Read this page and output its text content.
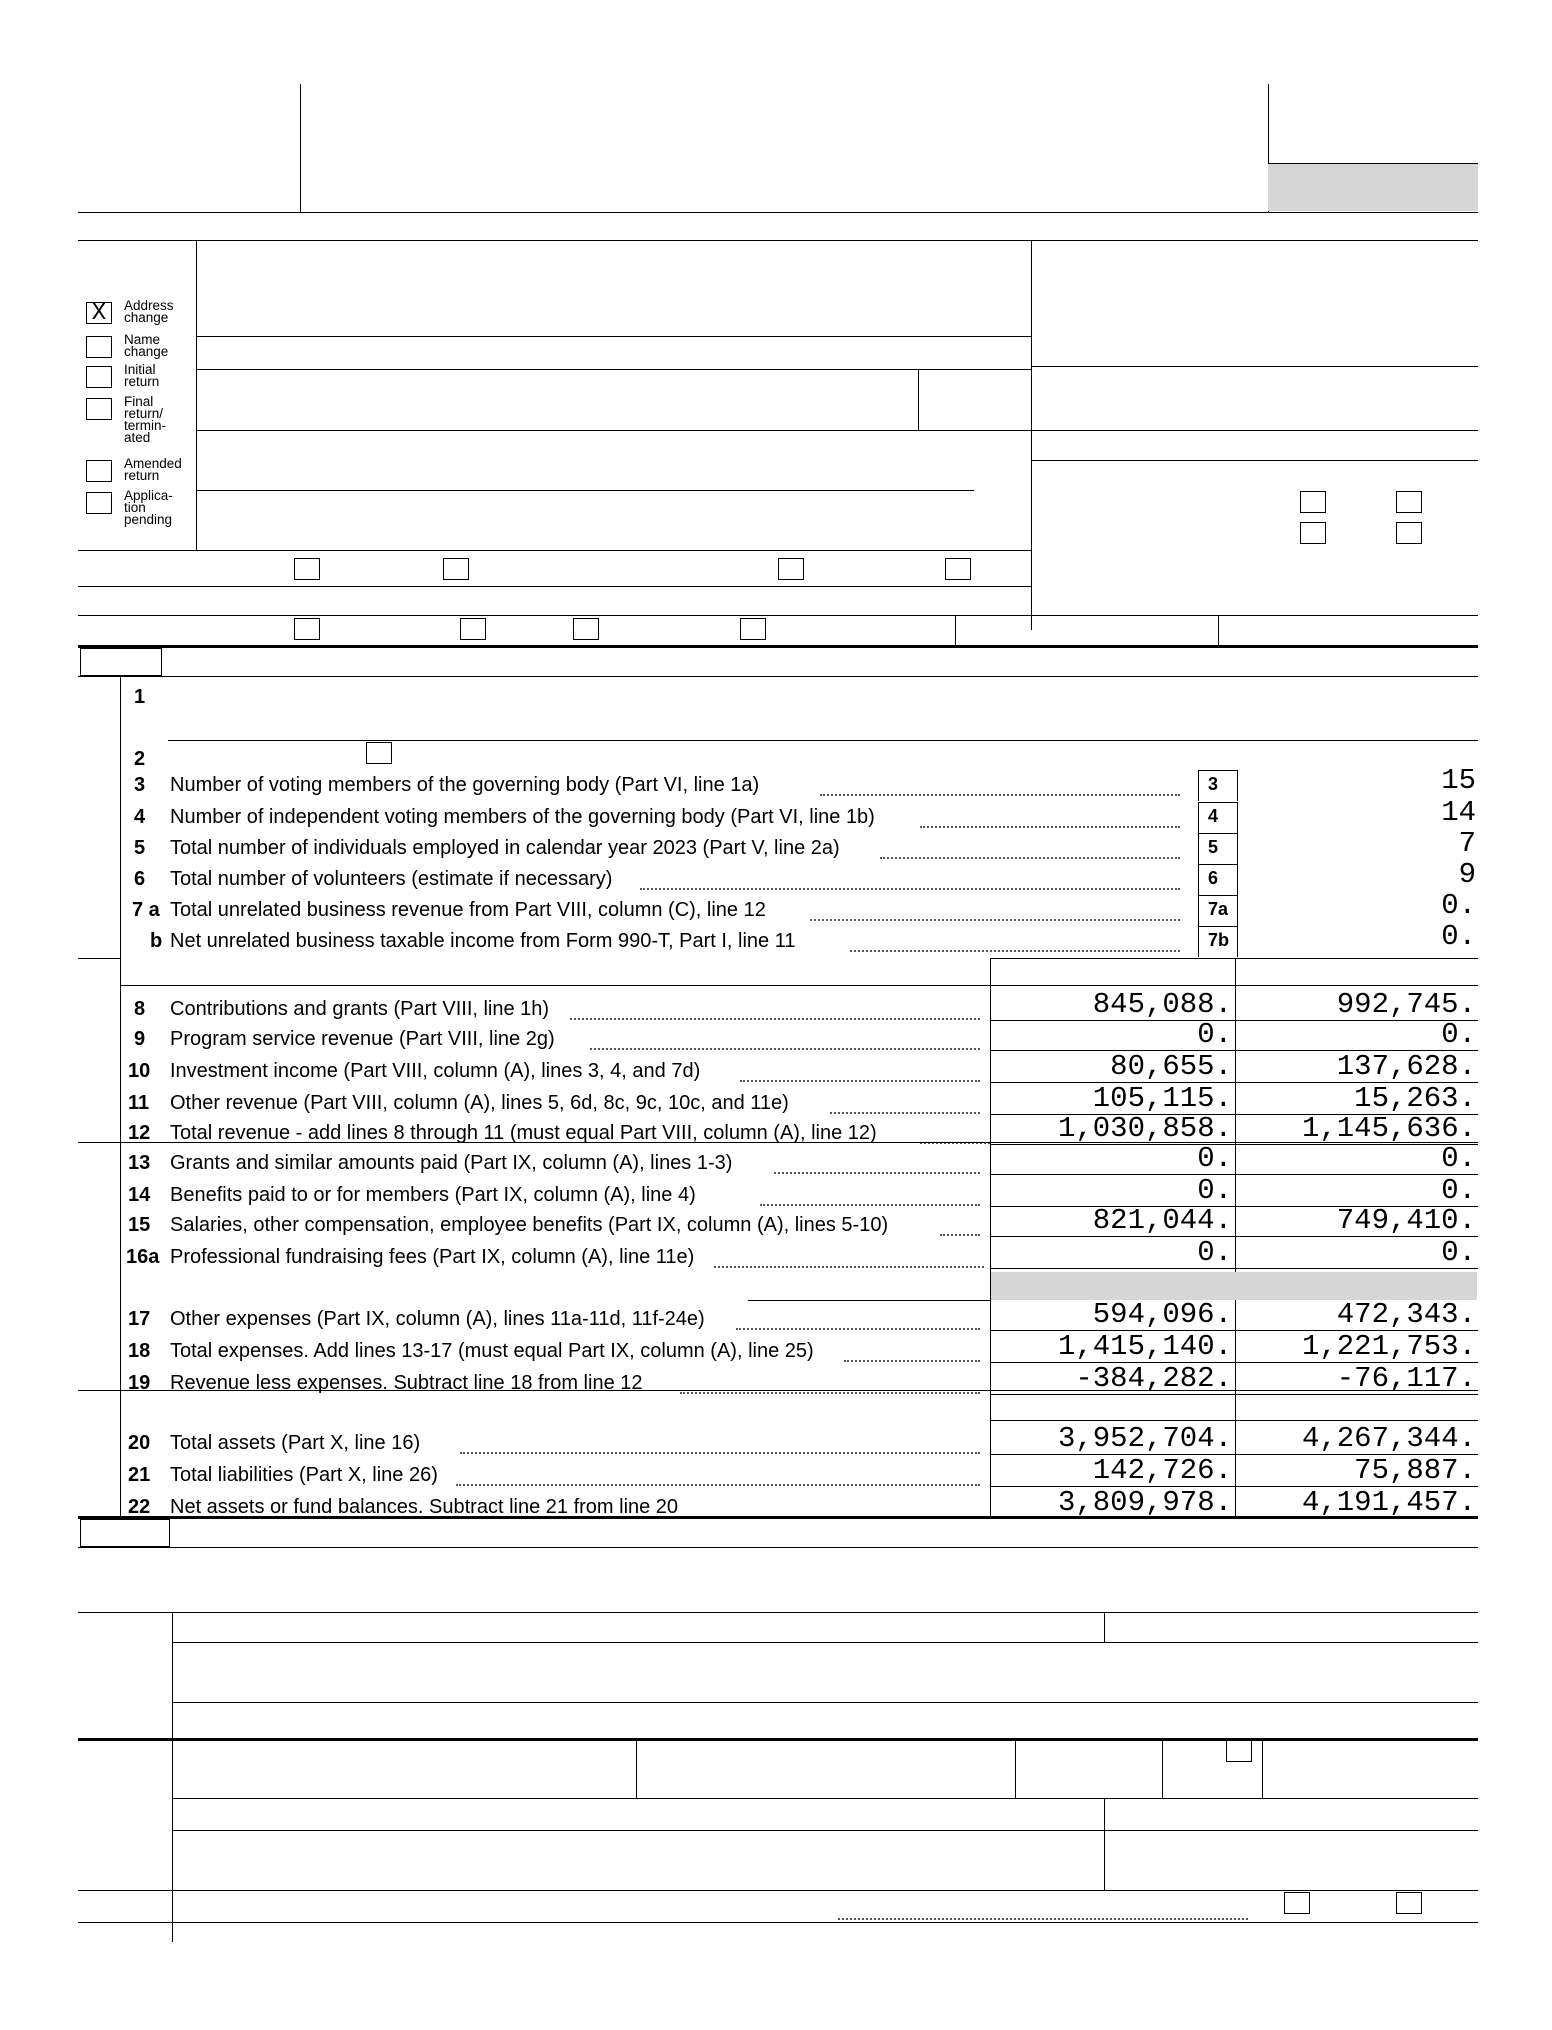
X	Address
change
Name
change
Initial
return
Final
return/
termin-
ated
Amended
return
Applica-
tion
pending
1
2
3 Number of voting members of the governing body (Part VI, line 1a)	3	15
4 Number of independent voting members of the governing body (Part VI, line 1b)	4	14
5 Total number of individuals employed in calendar year 2023 (Part V, line 2a)	5	7
6 Total number of volunteers (estimate if necessary)	6	9
7 a Total unrelated business revenue from Part VIII, column (C), line 12	7a	0.
b Net unrelated business taxable income from Form 990-T, Part I, line 11	7b	0.
8 Contributions and grants (Part VIII, line 1h)	845,088.	992,745.
9 Program service revenue (Part VIII, line 2g)	0.	0.
10 Investment income (Part VIII, column (A), lines 3, 4, and 7d)	80,655.	137,628.
11 Other revenue (Part VIII, column (A), lines 5, 6d, 8c, 9c, 10c, and 11e)	105,115.	15,263.
12 Total revenue - add lines 8 through 11 (must equal Part VIII, column (A), line 12)	1,030,858.	1,145,636.
13 Grants and similar amounts paid (Part IX, column (A), lines 1-3)	0.	0.
14 Benefits paid to or for members (Part IX, column (A), line 4)	0.	0.
15 Salaries, other compensation, employee benefits (Part IX, column (A), lines 5-10)	821,044.	749,410.
16a Professional fundraising fees (Part IX, column (A), line 11e)	0.	0.
17 Other expenses (Part IX, column (A), lines 11a-11d, 11f-24e)	594,096.	472,343.
18 Total expenses. Add lines 13-17 (must equal Part IX, column (A), line 25)	1,415,140.	1,221,753.
19 Revenue less expenses. Subtract line 18 from line 12	-384,282.	-76,117.
20 Total assets (Part X, line 16)	3,952,704.	4,267,344.
21 Total liabilities (Part X, line 26)	142,726.	75,887.
22 Net assets or fund balances. Subtract line 21 from line 20	3,809,978.	4,191,457.
